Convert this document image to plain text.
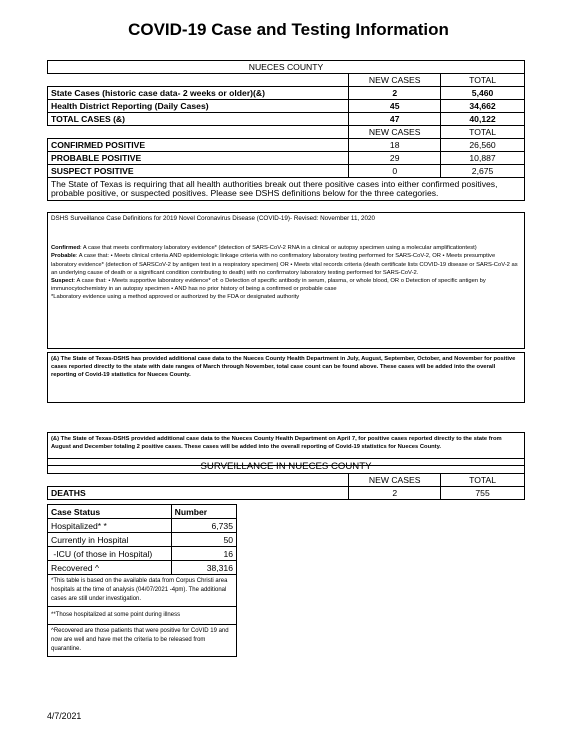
COVID-19 Case and Testing Information
NUECES COUNTY		
	NEW CASES	TOTAL
State Cases (historic case data- 2 weeks or older)(&)	2	5,460
Health District Reporting (Daily Cases)	45	34,662
TOTAL CASES (&)	47	40,122
	NEW CASES	TOTAL
CONFIRMED POSITIVE	18	26,560
PROBABLE POSITIVE	29	10,887
SUSPECT POSITIVE	0	2,675
The State of Texas is requiring that all health authorities break out there positive cases into either confirmed positives, probable positive, or suspected positives. Please see DSHS definitions below for the three categories.		
DSHS Surveillance Case Definitions for 2019 Novel Coronavirus Disease (COVID-19)- Revised: November 11, 2020
Confirmed: A case that meets confirmatory laboratory evidence* (detection of SARS-CoV-2 RNA in a clinical or autopsy specimen using a molecular amplificationtest)
Probable: A case that: • Meets clinical criteria AND epidemiologic linkage criteria with no confirmatory laboratory testing performed for SARS-CoV-2, OR • Meets presumptive laboratory evidence* (detection of SARSCoV-2 by antigen test in a respiratory specimen) OR • Meets vital records criteria (death certificate lists COVID-19 disease or SARS-CoV-2 as an underlying cause of death or a significant condition contributing to death) with no confirmatory laboratory testing performed for SARS-CoV-2.
Suspect: A case that: • Meets supportive laboratory evidence* of: o Detection of specific antibody in serum, plasma, or whole blood, OR o Detection of specific antigen by immunocytochemistry in an autopsy specimen • AND has no prior history of being a confirmed or probable case
*Laboratory evidence using a method approved or authorized by the FDA or designated authority
(&) The State of Texas-DSHS has provided additional case data to the Nueces County Health Department in July, August, September, October, and November for positive cases reported directly to the state with date ranges of March through November, total case count can be found above. These cases will be added into the overall reporting of Covid-19 statistics for Nueces County.
(&) The State of Texas-DSHS provided additional case data to the Nueces County Health Department on April 7, for positive cases reported directly to the state from August and December totaling 2 positive cases. These cases will be added into the overall reporting of Covid-19 statistics for Nueces County.
SURVEILLANCE IN NUECES COUNTY		
	NEW CASES	TOTAL
DEATHS	2	755
Case Status	Number
Hospitalized* *	6,735
Currently in Hospital	50
-ICU (of those in Hospital)	16
Recovered ^	38,316
*This table is based on the available data from Corpus Christi area hospitals at the time of analysis (04/07/2021 -4pm). The additional cases are still under investigation.	
**Those hospitalized at some point during illness	
^Recovered are those patients that were positive for CoVID 19 and now are well and have met the criteria to be released from quarantine.	
4/7/2021
